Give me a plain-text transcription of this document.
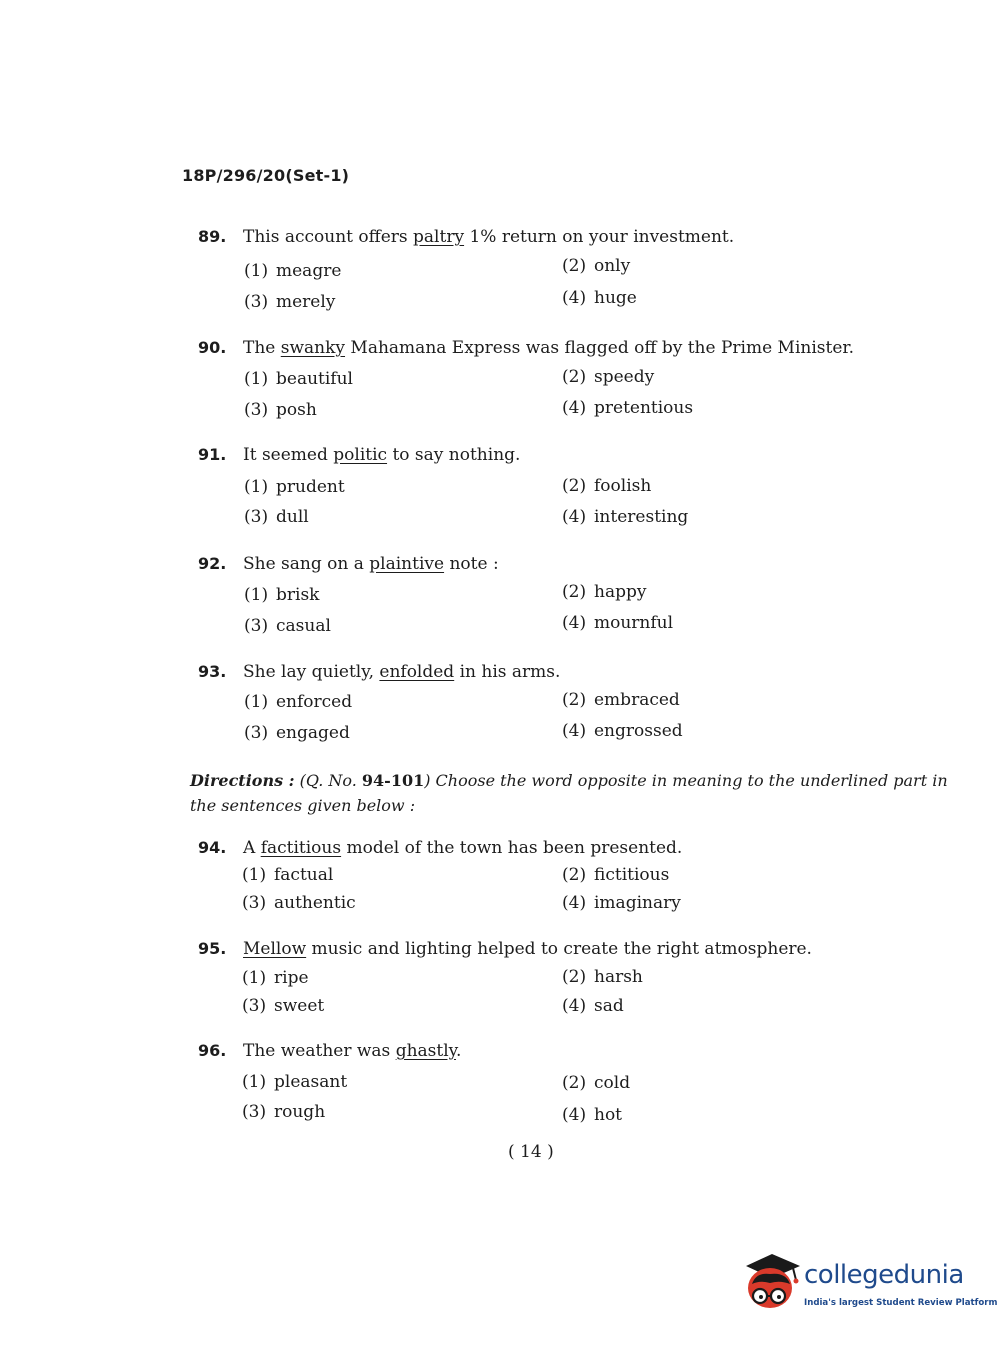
18P/296/20(Set-1)
89. This account offers paltry 1% return on your investment.
(1) meagre	(2) only
(3) merely	(4) huge
90. The swanky Mahamana Express was flagged off by the Prime Minister.
(1) beautiful	(2) speedy
(3) posh	(4) pretentious
91. It seemed politic to say nothing.
(1) prudent	(2) foolish
(3) dull	(4) interesting
92. She sang on a plaintive note :
(1) brisk	(2) happy
(3) casual	(4) mournful
93. She lay quietly, enfolded in his arms.
(1) enforced	(2) embraced
(3) engaged	(4) engrossed
Directions : (Q. No. 94-101) Choose the word opposite in meaning to the underlined part in
the sentences given below :
94. A factitious model of the town has been presented.
(1) factual	(2) fictitious
(3) authentic	(4) imaginary
95. Mellow music and lighting helped to create the right atmosphere.
(1) ripe	(2) harsh
(3) sweet	(4) sad
96. The weather was ghastly.
(1) pleasant	(2) cold
(3) rough	(4) hot
( 14 )
collegedunia
India's largest Student Review Platform
